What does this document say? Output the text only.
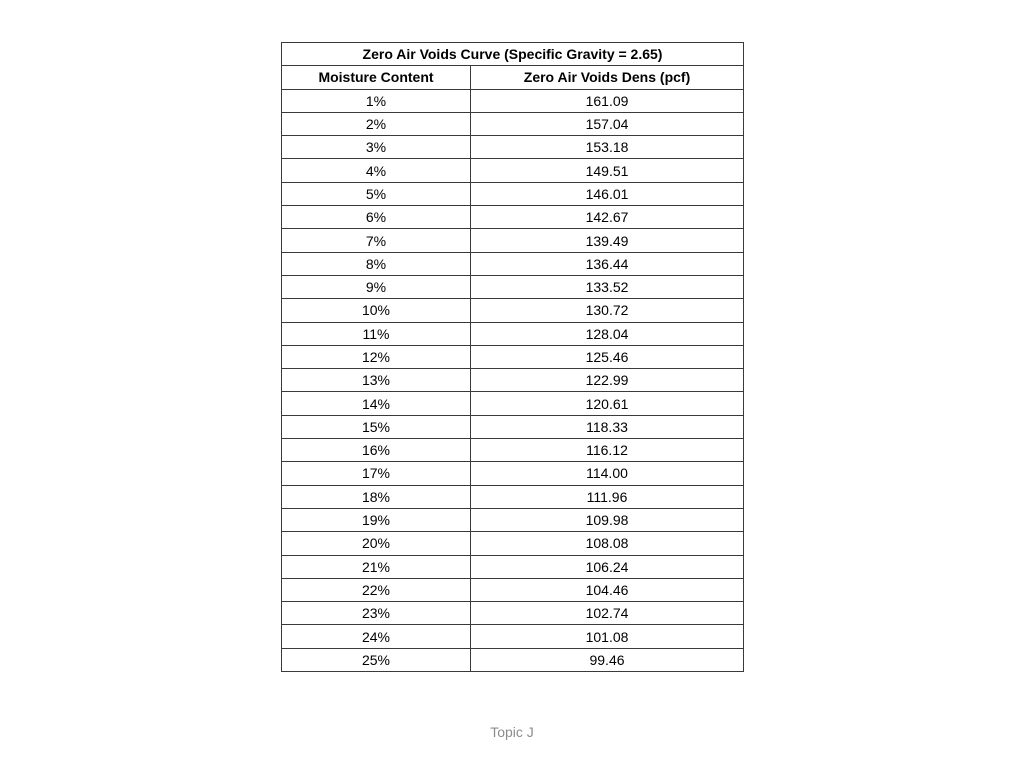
Zero Air Voids Curve (Specific Gravity = 2.65)	
Moisture Content	Zero Air Voids Dens (pcf)
1%	161.09
2%	157.04
3%	153.18
4%	149.51
5%	146.01
6%	142.67
7%	139.49
8%	136.44
9%	133.52
10%	130.72
11%	128.04
12%	125.46
13%	122.99
14%	120.61
15%	118.33
16%	116.12
17%	114.00
18%	111.96
19%	109.98
20%	108.08
21%	106.24
22%	104.46
23%	102.74
24%	101.08
25%	99.46
Topic J
